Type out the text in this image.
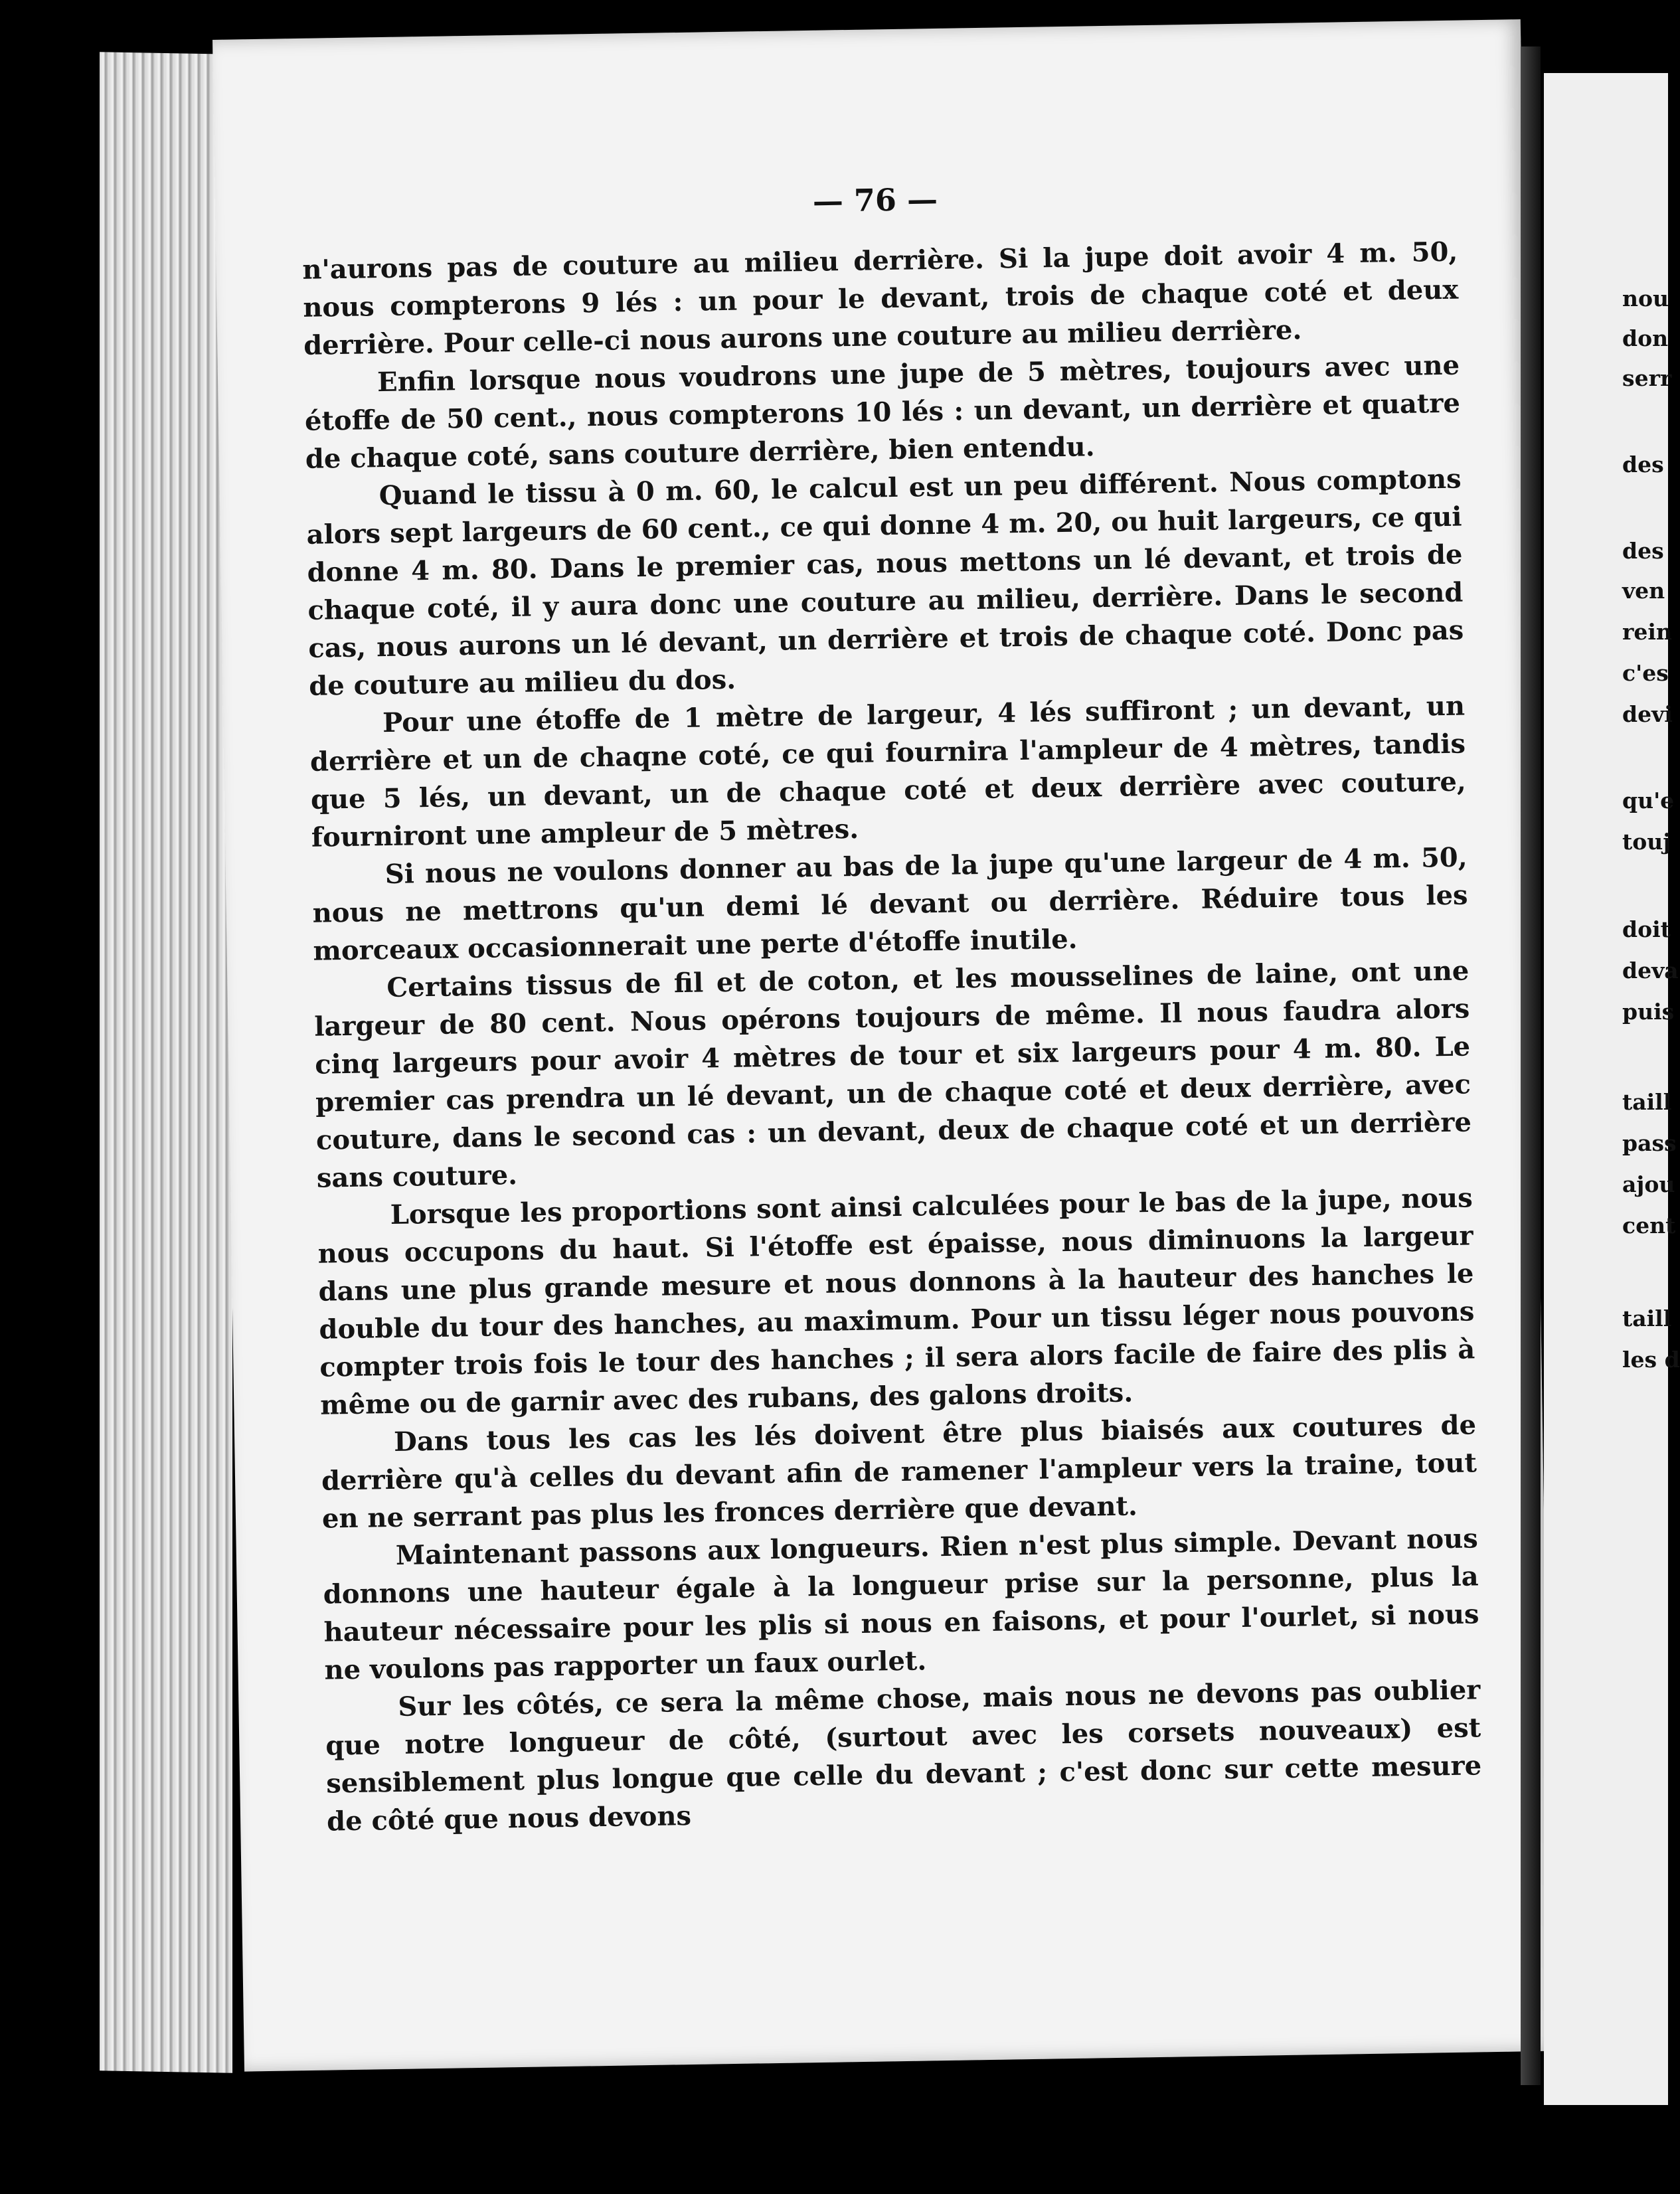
— 76 —

n'aurons pas de couture au milieu derrière. Si la jupe doit avoir 4 m. 50, nous compterons 9 lés : un pour le devant, trois de chaque coté et deux derrière. Pour celle-ci nous aurons une couture au milieu derrière.

Enfin lorsque nous voudrons une jupe de 5 mètres, toujours avec une étoffe de 50 cent., nous compterons 10 lés : un devant, un derrière et quatre de chaque coté, sans couture derrière, bien entendu.

Quand le tissu à 0 m. 60, le calcul est un peu différent. Nous comptons alors sept largeurs de 60 cent., ce qui donne 4 m. 20, ou huit largeurs, ce qui donne 4 m. 80. Dans le premier cas, nous mettons un lé devant, et trois de chaque coté, il y aura donc une couture au milieu, derrière. Dans le second cas, nous aurons un lé devant, un derrière et trois de chaque coté. Donc pas de couture au milieu du dos.

Pour une étoffe de 1 mètre de largeur, 4 lés suffiront ; un devant, un derrière et un de chaqne coté, ce qui fournira l'ampleur de 4 mètres, tandis que 5 lés, un devant, un de chaque coté et deux derrière avec couture, fourniront une ampleur de 5 mètres.

Si nous ne voulons donner au bas de la jupe qu'une largeur de 4 m. 50, nous ne mettrons qu'un demi lé devant ou derrière. Réduire tous les morceaux occasionnerait une perte d'étoffe inutile.

Certains tissus de fil et de coton, et les mousselines de laine, ont une largeur de 80 cent. Nous opérons toujours de même. Il nous faudra alors cinq largeurs pour avoir 4 mètres de tour et six largeurs pour 4 m. 80. Le premier cas prendra un lé devant, un de chaque coté et deux derrière, avec couture, dans le second cas : un devant, deux de chaque coté et un derrière sans couture.

Lorsque les proportions sont ainsi calculées pour le bas de la jupe, nous nous occupons du haut. Si l'étoffe est épaisse, nous diminuons la largeur dans une plus grande mesure et nous donnons à la hauteur des hanches le double du tour des hanches, au maximum. Pour un tissu léger nous pouvons compter trois fois le tour des hanches ; il sera alors facile de faire des plis à même ou de garnir avec des rubans, des galons droits.

Dans tous les cas les lés doivent être plus biaisés aux coutures de derrière qu'à celles du devant afin de ramener l'ampleur vers la traine, tout en ne serrant pas plus les fronces derrière que devant.

Maintenant passons aux longueurs. Rien n'est plus simple. Devant nous donnons une hauteur égale à la longueur prise sur la personne, plus la hauteur nécessaire pour les plis si nous en faisons, et pour l'ourlet, si nous ne voulons pas rapporter un faux ourlet.

Sur les côtés, ce sera la même chose, mais nous ne devons pas oublier que notre longueur de côté, (surtout avec les corsets nouveaux) est sensiblement plus longue que celle du devant ; c'est donc sur cette mesure de côté que nous devons

nou
don
serr
des
des
ven
rein
c'es
devi
qu'e
touj
doit
deva
puis
taill
pass
ajou
cent
taill
les d
